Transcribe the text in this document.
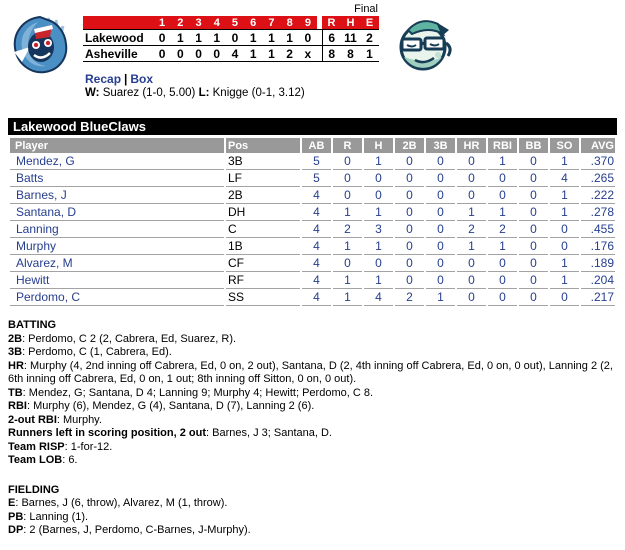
Final
	1	2	3	4	5	6	7	8	9		R	H	E
Lakewood	0	1	1	1	0	1	1	1	0		6	11	2
Asheville	0	0	0	0	4	1	1	2	x		8	8	1
Recap | Box
W: Suarez (1-0, 5.00) L: Knigge (0-1, 3.12)
Lakewood BlueClaws
Player	Pos	AB	R	H	2B	3B	HR	RBI	BB	SO	AVG
Mendez, G	3B	5	0	1	0	0	0	1	0	1	.370
Batts	LF	5	0	0	0	0	0	0	0	4	.265
Barnes, J	2B	4	0	0	0	0	0	0	0	1	.222
Santana, D	DH	4	1	1	0	0	1	1	0	1	.278
Lanning	C	4	2	3	0	0	2	2	0	0	.455
Murphy	1B	4	1	1	0	0	1	1	0	0	.176
Alvarez, M	CF	4	0	0	0	0	0	0	0	1	.189
Hewitt	RF	4	1	1	0	0	0	0	0	1	.204
Perdomo, C	SS	4	1	4	2	1	0	0	0	0	.217
BATTING
2B: Perdomo, C 2 (2, Cabrera, Ed, Suarez, R).
3B: Perdomo, C (1, Cabrera, Ed).
HR: Murphy (4, 2nd inning off Cabrera, Ed, 0 on, 2 out), Santana, D (2, 4th inning off Cabrera, Ed, 0 on, 0 out), Lanning 2 (2, 6th inning off Cabrera, Ed, 0 on, 1 out; 8th inning off Sitton, 0 on, 0 out).
TB: Mendez, G; Santana, D 4; Lanning 9; Murphy 4; Hewitt; Perdomo, C 8.
RBI: Murphy (6), Mendez, G (4), Santana, D (7), Lanning 2 (6).
2-out RBI: Murphy.
Runners left in scoring position, 2 out: Barnes, J 3; Santana, D.
Team RISP: 1-for-12.
Team LOB: 6.
FIELDING
E: Barnes, J (6, throw), Alvarez, M (1, throw).
PB: Lanning (1).
DP: 2 (Barnes, J, Perdomo, C-Barnes, J-Murphy).
